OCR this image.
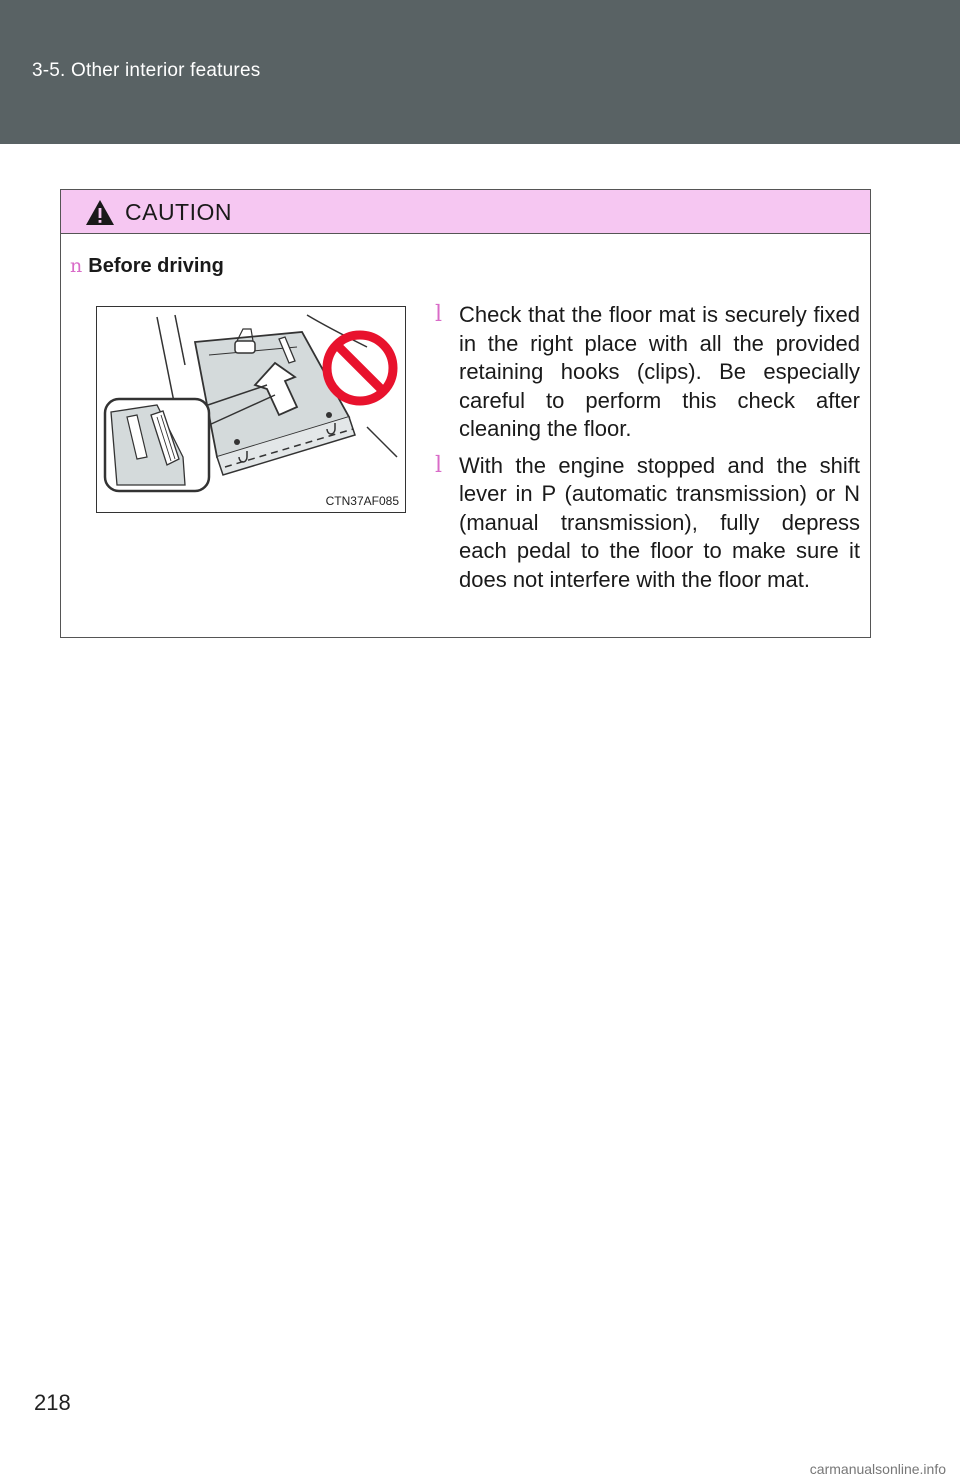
3-5. Other interior features
CAUTION
n Before driving
CTN37AF085
l Check that the floor mat is securely fixed in the right place with all the provided retaining hooks (clips). Be especially careful to perform this check after cleaning the floor.
l With the engine stopped and the shift lever in P (automatic transmission) or N (manual transmission), fully depress each pedal to the floor to make sure it does not interfere with the floor mat.
218
carmanualsonline.info
